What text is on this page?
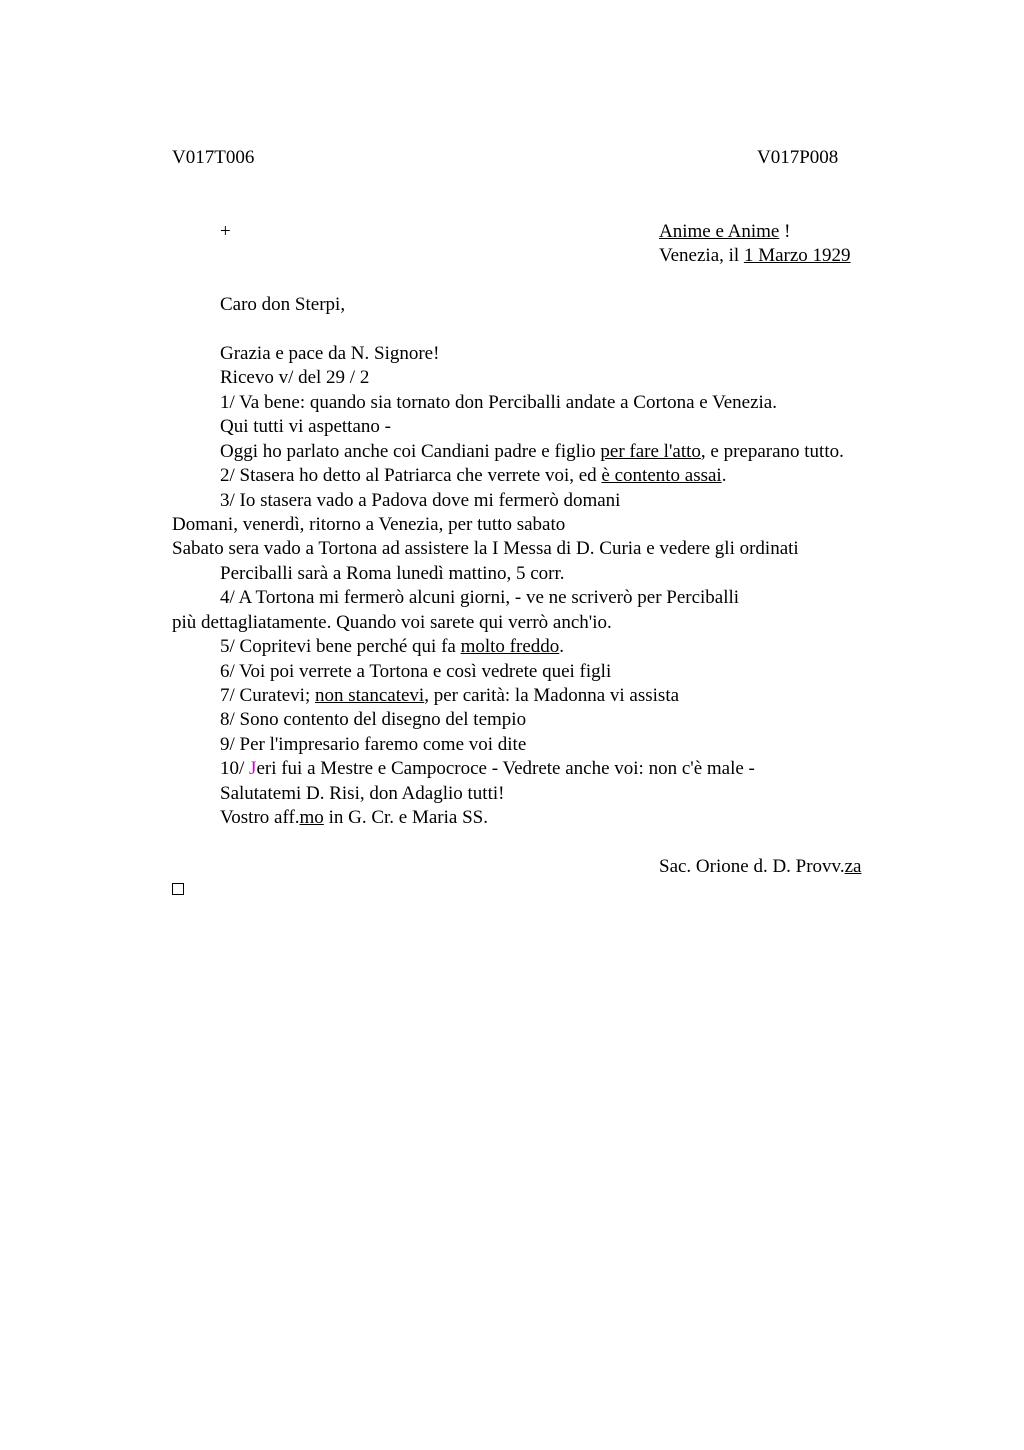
V017T006	V017P008
+	Anime e Anime !
Venezia, il 1 Marzo 1929
Caro don Sterpi,
Grazia e pace da N. Signore!
Ricevo v/ del 29 / 2
1/ Va bene: quando sia tornato don Perciballi andate a Cortona e Venezia.
Qui tutti vi aspettano -
Oggi ho parlato anche coi Candiani padre e figlio per fare l'atto, e preparano tutto.
2/ Stasera ho detto al Patriarca che verrete voi, ed è contento assai.
3/ Io stasera vado a Padova dove mi fermerò domani
Domani, venerdì, ritorno a Venezia, per tutto sabato
Sabato sera vado a Tortona ad assistere la I Messa di D. Curia e vedere gli ordinati
Perciballi sarà a Roma lunedì mattino, 5 corr.
4/ A Tortona mi fermerò alcuni giorni, - ve ne scriverò per Perciballi
più dettagliatamente. Quando voi sarete qui verrò anch'io.
5/ Copritevi bene perché qui fa molto freddo.
6/ Voi poi verrete a Tortona e così vedrete quei figli
7/ Curatevi; non stancatevi, per carità: la Madonna vi assista
8/ Sono contento del disegno del tempio
9/ Per l'impresario faremo come voi dite
10/ Jeri fui a Mestre e Campocroce - Vedrete anche voi: non c'è male -
Salutatemi D. Risi, don Adaglio tutti!
Vostro aff.mo in G. Cr. e Maria SS.
Sac. Orione d. D. Provv.za
